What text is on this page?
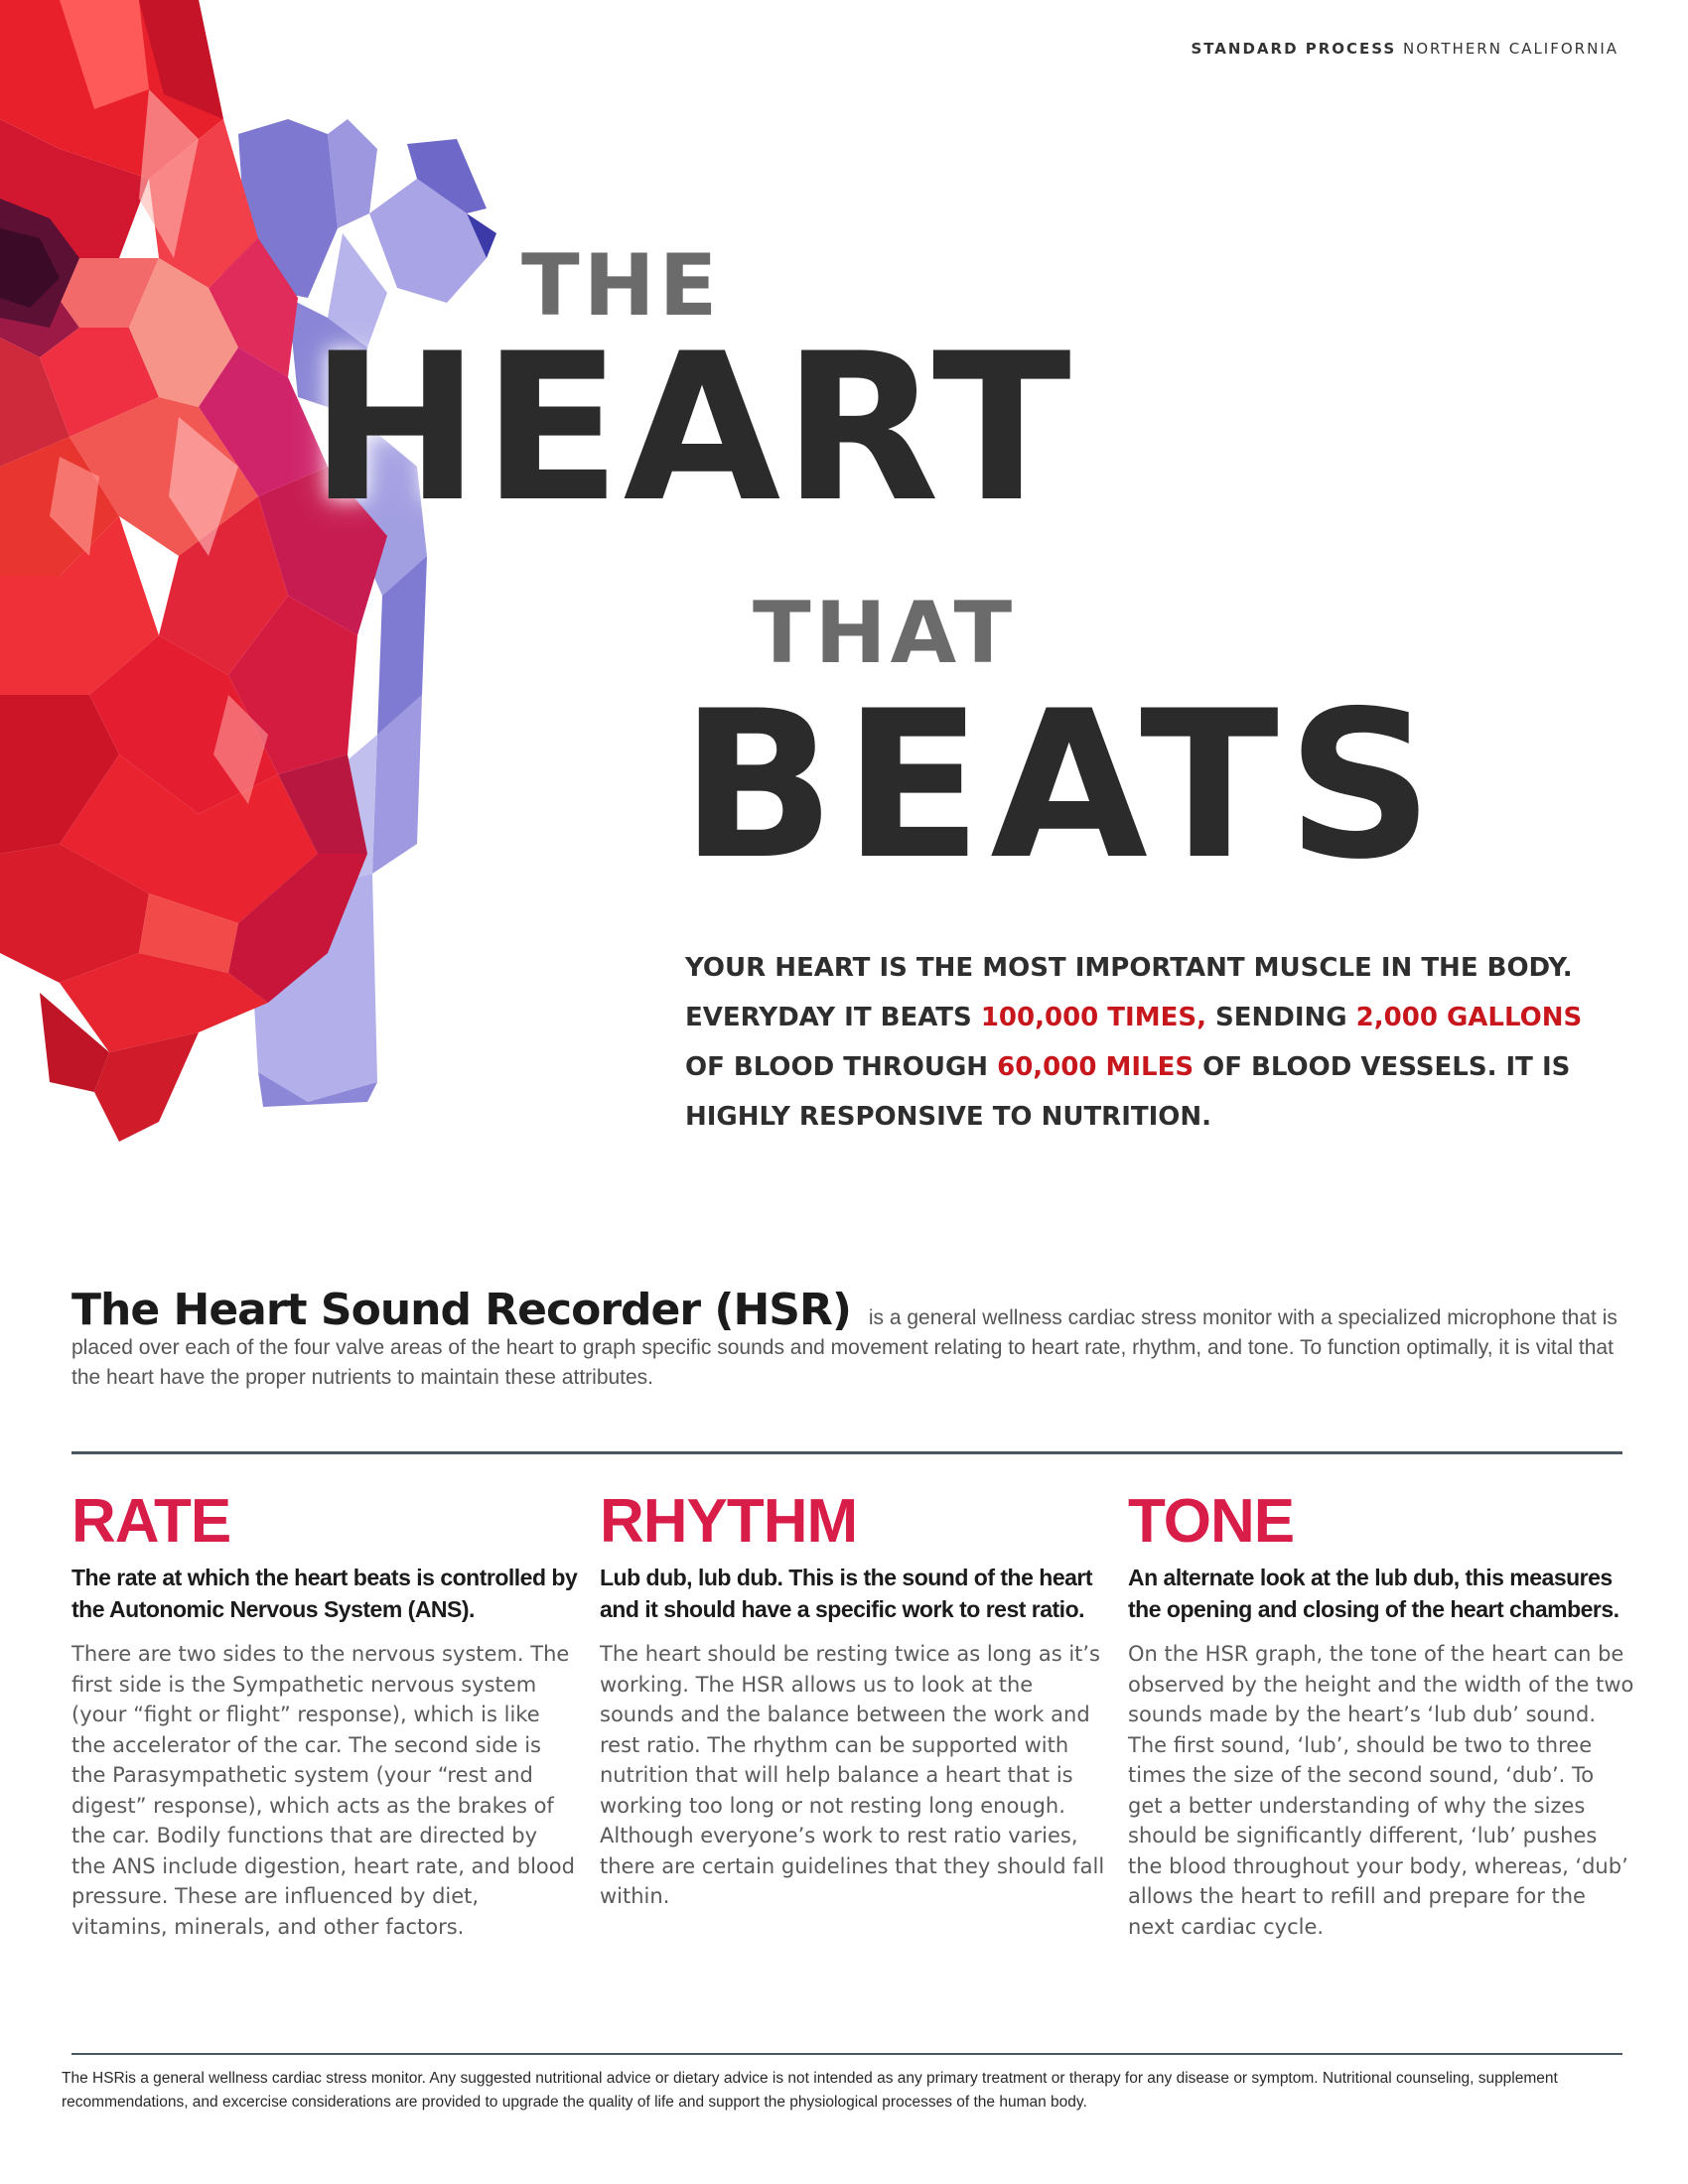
STANDARD PROCESS NORTHERN CALIFORNIA
THE
HEART
THAT
BEATS

YOUR HEART IS THE MOST IMPORTANT MUSCLE IN THE BODY. EVERYDAY IT BEATS 100,000 TIMES, SENDING 2,000 GALLONS OF BLOOD THROUGH 60,000 MILES OF BLOOD VESSELS. IT IS HIGHLY RESPONSIVE TO NUTRITION.

The Heart Sound Recorder (HSR) is a general wellness cardiac stress monitor with a specialized microphone that is placed over each of the four valve areas of the heart to graph specific sounds and movement relating to heart rate, rhythm, and tone. To function optimally, it is vital that the heart have the proper nutrients to maintain these attributes.
RATE

The rate at which the heart beats is controlled by the Autonomic Nervous System (ANS).

There are two sides to the nervous system. The first side is the Sympathetic nervous system (your “fight or flight” response), which is like the accelerator of the car. The second side is the Parasympathetic system (your “rest and digest” response), which acts as the brakes of the car. Bodily functions that are directed by the ANS include digestion, heart rate, and blood pressure. These are influenced by diet, vitamins, minerals, and other factors.

RHYTHM

Lub dub, lub dub. This is the sound of the heart and it should have a specific work to rest ratio.

The heart should be resting twice as long as it’s working. The HSR allows us to look at the sounds and the balance between the work and rest ratio. The rhythm can be supported with nutrition that will help balance a heart that is working too long or not resting long enough. Although everyone’s work to rest ratio varies, there are certain guidelines that they should fall within.

TONE

An alternate look at the lub dub, this measures the opening and closing of the heart chambers.

On the HSR graph, the tone of the heart can be observed by the height and the width of the two sounds made by the heart’s ‘lub dub’ sound. The first sound, ‘lub’, should be two to three times the size of the second sound, ‘dub’. To get a better understanding of why the sizes should be significantly different, ‘lub’ pushes the blood throughout your body, whereas, ‘dub’ allows the heart to refill and prepare for the next cardiac cycle.

The HSRis a general wellness cardiac stress monitor. Any suggested nutritional advice or dietary advice is not intended as any primary treatment or therapy for any disease or symptom. Nutritional counseling, supplement recommendations, and excercise considerations are provided to upgrade the quality of life and support the physiological processes of the human body.
